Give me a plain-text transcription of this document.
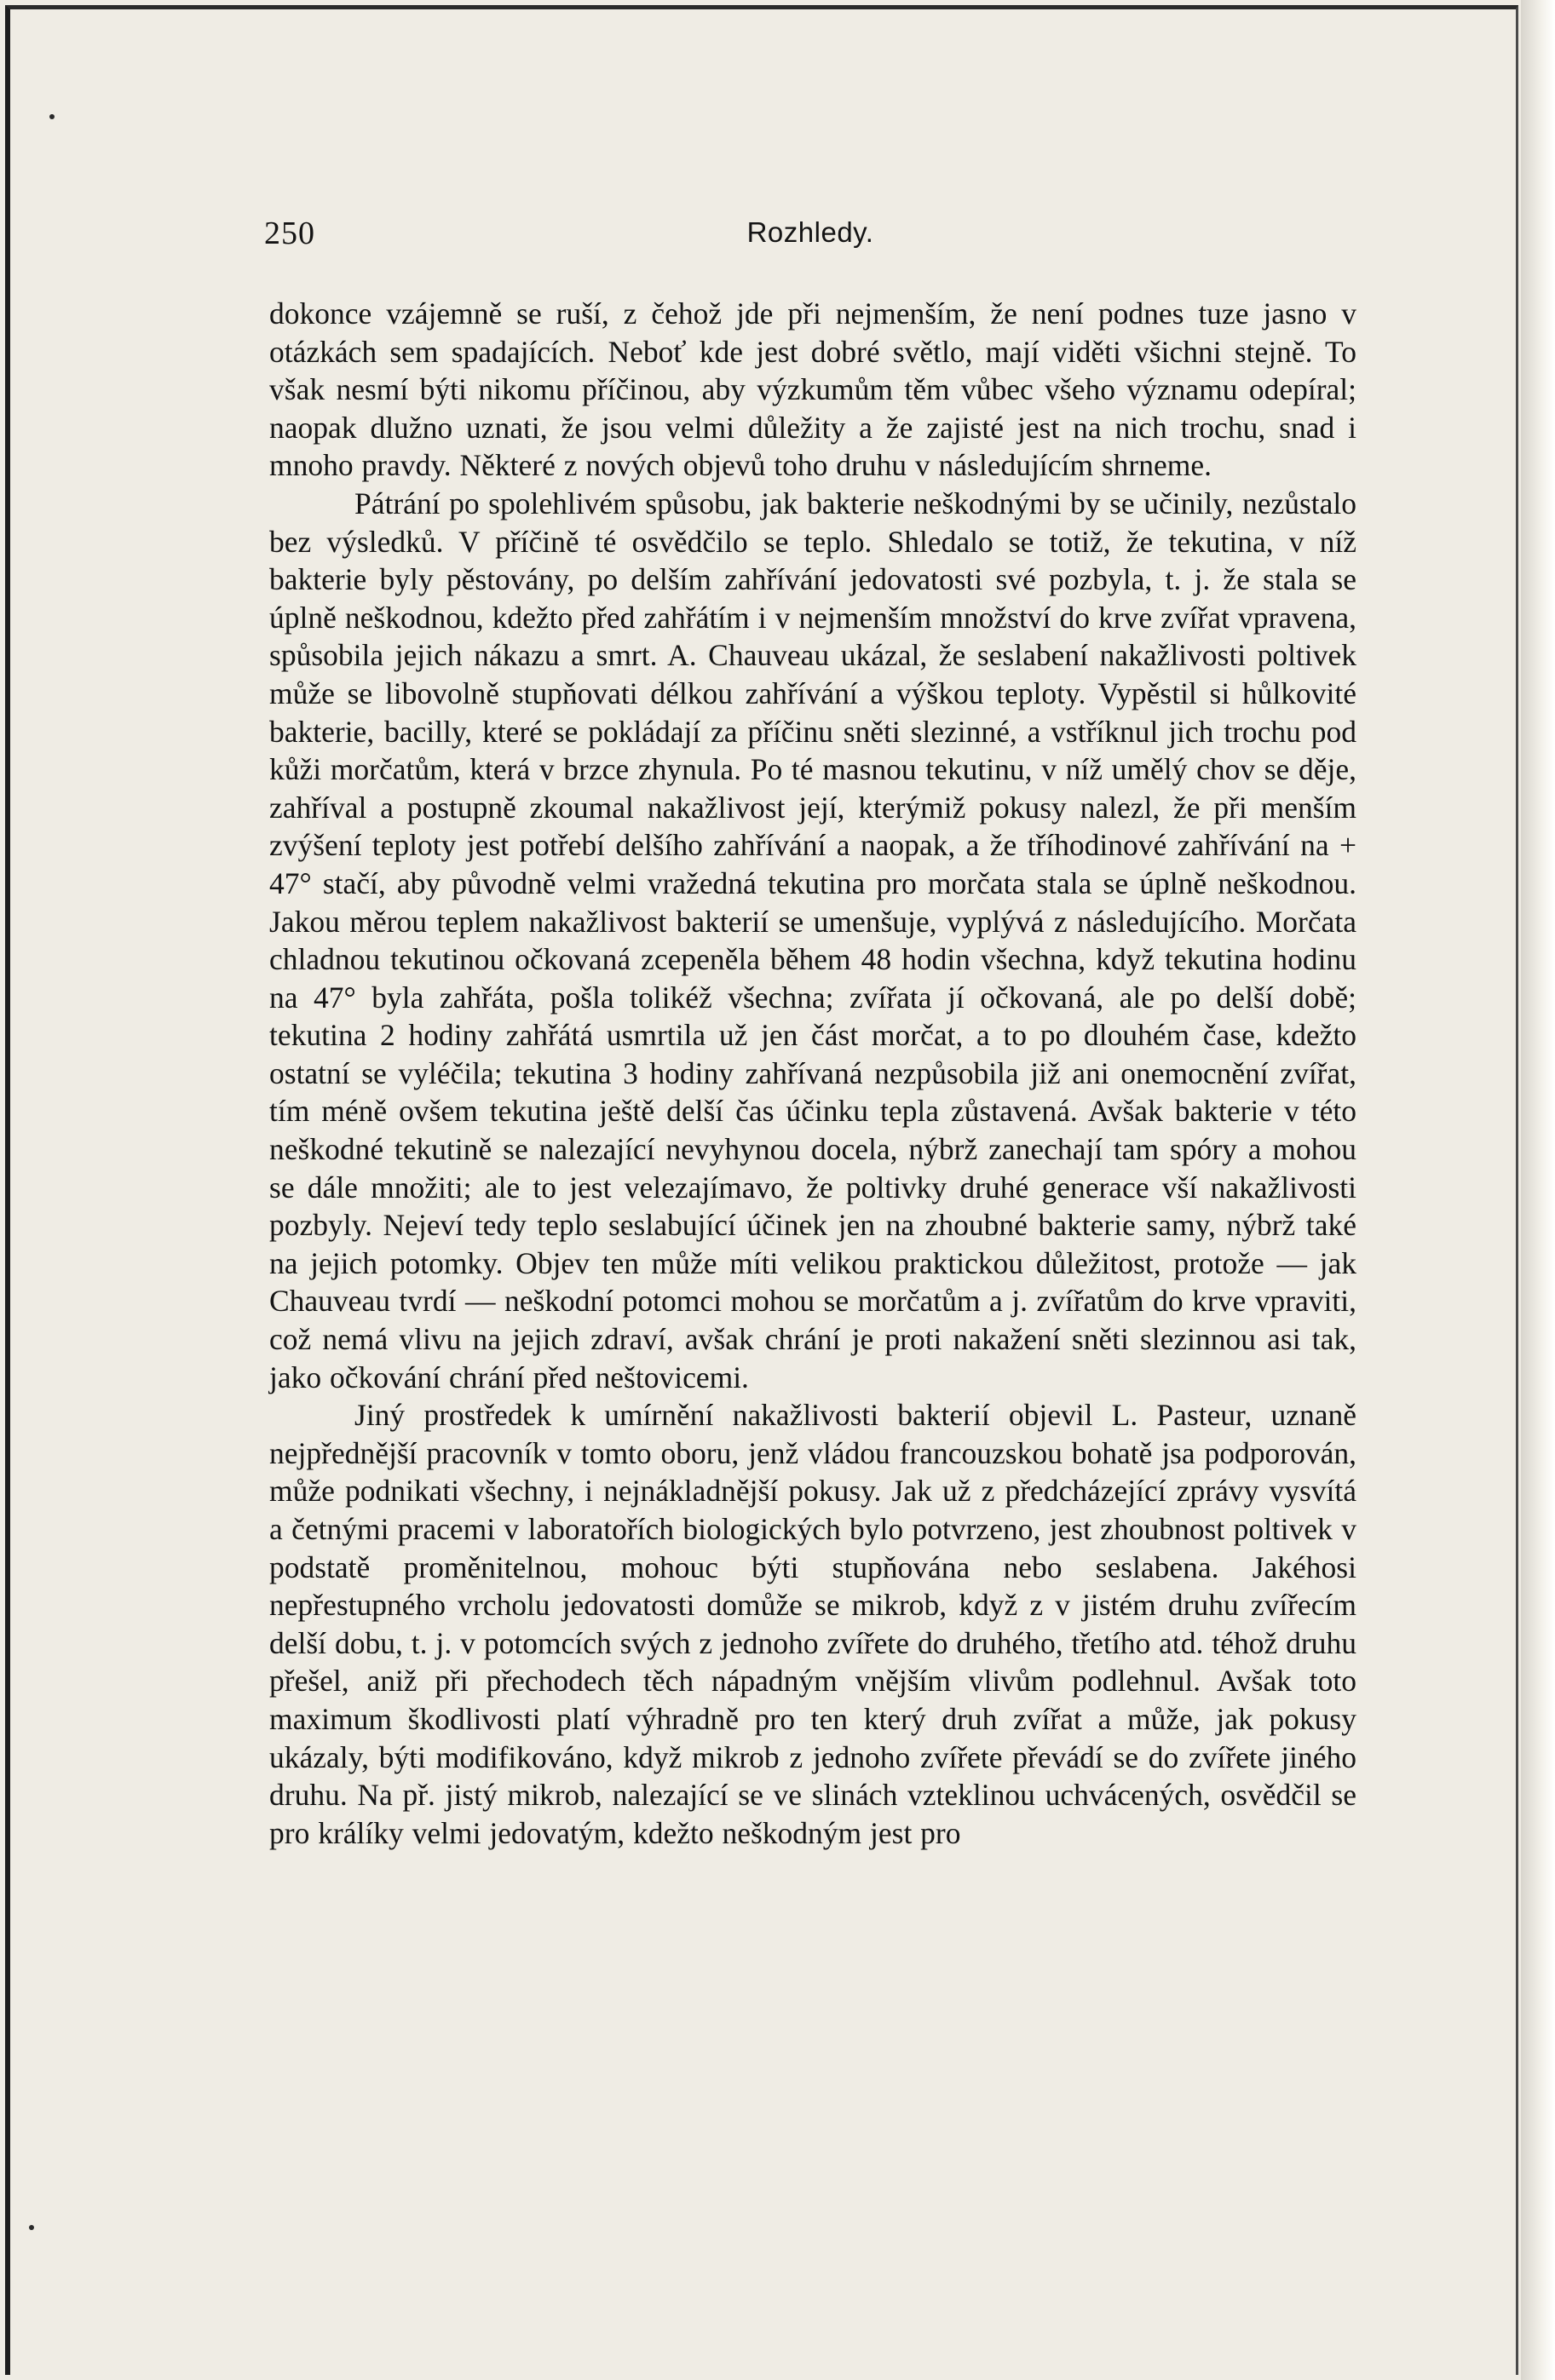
250	Rozhledy.

dokonce vzájemně se ruší, z čehož jde při nejmenším, že není podnes tuze jasno v otázkách sem spadajících. Neboť kde jest dobré světlo, mají viděti všichni stejně. To však nesmí býti nikomu příčinou, aby výzkumům těm vůbec všeho významu odepíral; naopak dlužno uznati, že jsou velmi důležity a že zajisté jest na nich trochu, snad i mnoho pravdy. Některé z nových objevů toho druhu v následujícím shrneme.

Pátrání po spolehlivém spůsobu, jak bakterie neškodnými by se učinily, nezůstalo bez výsledků. V příčině té osvědčilo se teplo. Shledalo se totiž, že tekutina, v níž bakterie byly pěstovány, po delším zahřívání jedovatosti své pozbyla, t. j. že stala se úplně neškodnou, kdežto před zahřátím i v nejmenším množství do krve zvířat vpravena, spůsobila jejich nákazu a smrt. A. Chauveau ukázal, že seslabení nakažlivosti poltivek může se libovolně stupňovati délkou zahřívání a výškou teploty. Vypěstil si hůlkovité bakterie, bacilly, které se pokládají za příčinu sněti slezinné, a vstříknul jich trochu pod kůži morčatům, která v brzce zhynula. Po té masnou tekutinu, v níž umělý chov se děje, zahříval a postupně zkoumal nakažlivost její, kterýmiž pokusy nalezl, že při menším zvýšení teploty jest potřebí delšího zahřívání a naopak, a že tříhodinové zahřívání na + 47° stačí, aby původně velmi vražedná tekutina pro morčata stala se úplně neškodnou. Jakou měrou teplem nakažlivost bakterií se umenšuje, vyplývá z následujícího. Morčata chladnou tekutinou očkovaná zcepeněla během 48 hodin všechna, když tekutina hodinu na 47° byla zahřáta, pošla tolikéž všechna; zvířata jí očkovaná, ale po delší době; tekutina 2 hodiny zahřátá usmrtila už jen část morčat, a to po dlouhém čase, kdežto ostatní se vyléčila; tekutina 3 hodiny zahřívaná nezpůsobila již ani onemocnění zvířat, tím méně ovšem tekutina ještě delší čas účinku tepla zůstavená. Avšak bakterie v této neškodné tekutině se nalezající nevyhynou docela, nýbrž zanechají tam spóry a mohou se dále množiti; ale to jest velezajímavo, že poltivky druhé generace vší nakažlivosti pozbyly. Nejeví tedy teplo seslabující účinek jen na zhoubné bakterie samy, nýbrž také na jejich potomky. Objev ten může míti velikou praktickou důležitost, protože — jak Chauveau tvrdí — neškodní potomci mohou se morčatům a j. zvířatům do krve vpraviti, což nemá vlivu na jejich zdraví, avšak chrání je proti nakažení sněti slezinnou asi tak, jako očkování chrání před neštovicemi.

Jiný prostředek k umírnění nakažlivosti bakterií objevil L. Pasteur, uznaně nejpřednější pracovník v tomto oboru, jenž vládou francouzskou bohatě jsa podporován, může podnikati všechny, i nejnákladnější pokusy. Jak už z předcházející zprávy vysvítá a četnými pracemi v laboratořích biologických bylo potvrzeno, jest zhoubnost poltivek v podstatě proměnitelnou, mohouc býti stupňována nebo seslabena. Jakéhosi nepřestupného vrcholu jedovatosti domůže se mikrob, když z v jistém druhu zvířecím delší dobu, t. j. v potomcích svých z jednoho zvířete do druhého, třetího atd. téhož druhu přešel, aniž při přechodech těch nápadným vnějším vlivům podlehnul. Avšak toto maximum škodlivosti platí výhradně pro ten který druh zvířat a může, jak pokusy ukázaly, býti modifikováno, když mikrob z jednoho zvířete převádí se do zvířete jiného druhu. Na př. jistý mikrob, nalezající se ve slinách vzteklinou uchvácených, osvědčil se pro králíky velmi jedovatým, kdežto neškodným jest pro
